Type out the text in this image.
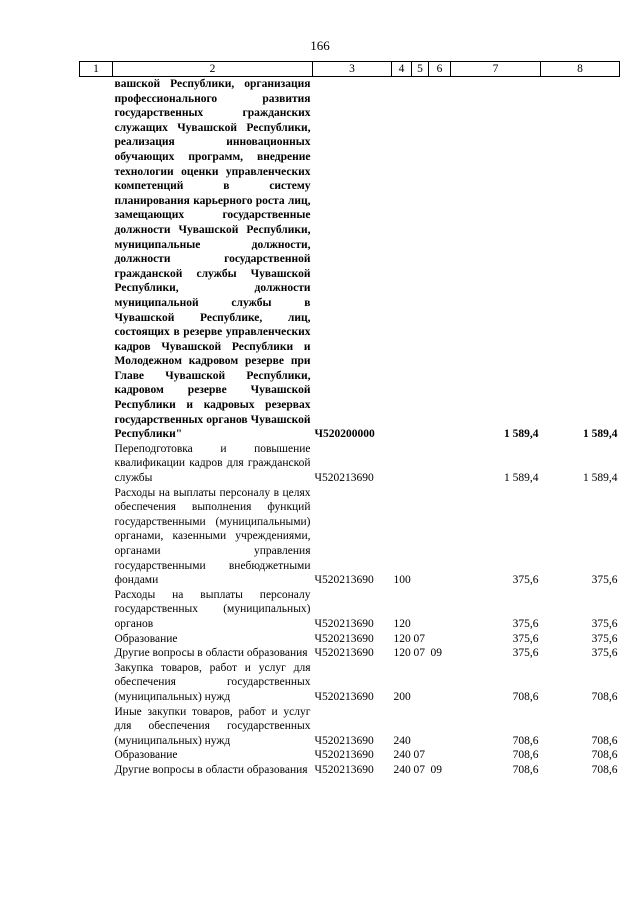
166
1	2	3	4	5	6	7	8
	вашской Республики, организация профессионального развития государственных гражданских служащих Чувашской Республики, реализация инновационных обучающих программ, внедрение технологии оценки управленческих компетенций в систему планирования карьерного роста лиц, замещающих государственные должности Чувашской Республики, муниципальные должности, должности государственной гражданской службы Чувашской Республики, должности муниципальной службы в Чувашской Республике, лиц, состоящих в резерве управленческих кадров Чувашской Республики и Молодежном кадровом резерве при Главе Чувашской Республики, кадровом резерве Чувашской Республики и кадровых резервах государственных органов Чувашской Республики"	Ч520200000				1 589,4	1 589,4
	Переподготовка и повышение квалификации кадров для гражданской службы	Ч520213690				1 589,4	1 589,4
	Расходы на выплаты персоналу в целях обеспечения выполнения функций государственными (муниципальными) органами, казенными учреждениями, органами управления государственными внебюджетными фондами	Ч520213690	100			375,6	375,6
	Расходы на выплаты персоналу государственных (муниципальных) органов	Ч520213690	120			375,6	375,6
	Образование	Ч520213690	120	07		375,6	375,6
	Другие вопросы в области образования	Ч520213690	120	07	09	375,6	375,6
	Закупка товаров, работ и услуг для обеспечения государственных (муниципальных) нужд	Ч520213690	200			708,6	708,6
	Иные закупки товаров, работ и услуг для обеспечения государственных (муниципальных) нужд	Ч520213690	240			708,6	708,6
	Образование	Ч520213690	240	07		708,6	708,6
	Другие вопросы в области образования	Ч520213690	240	07	09	708,6	708,6
